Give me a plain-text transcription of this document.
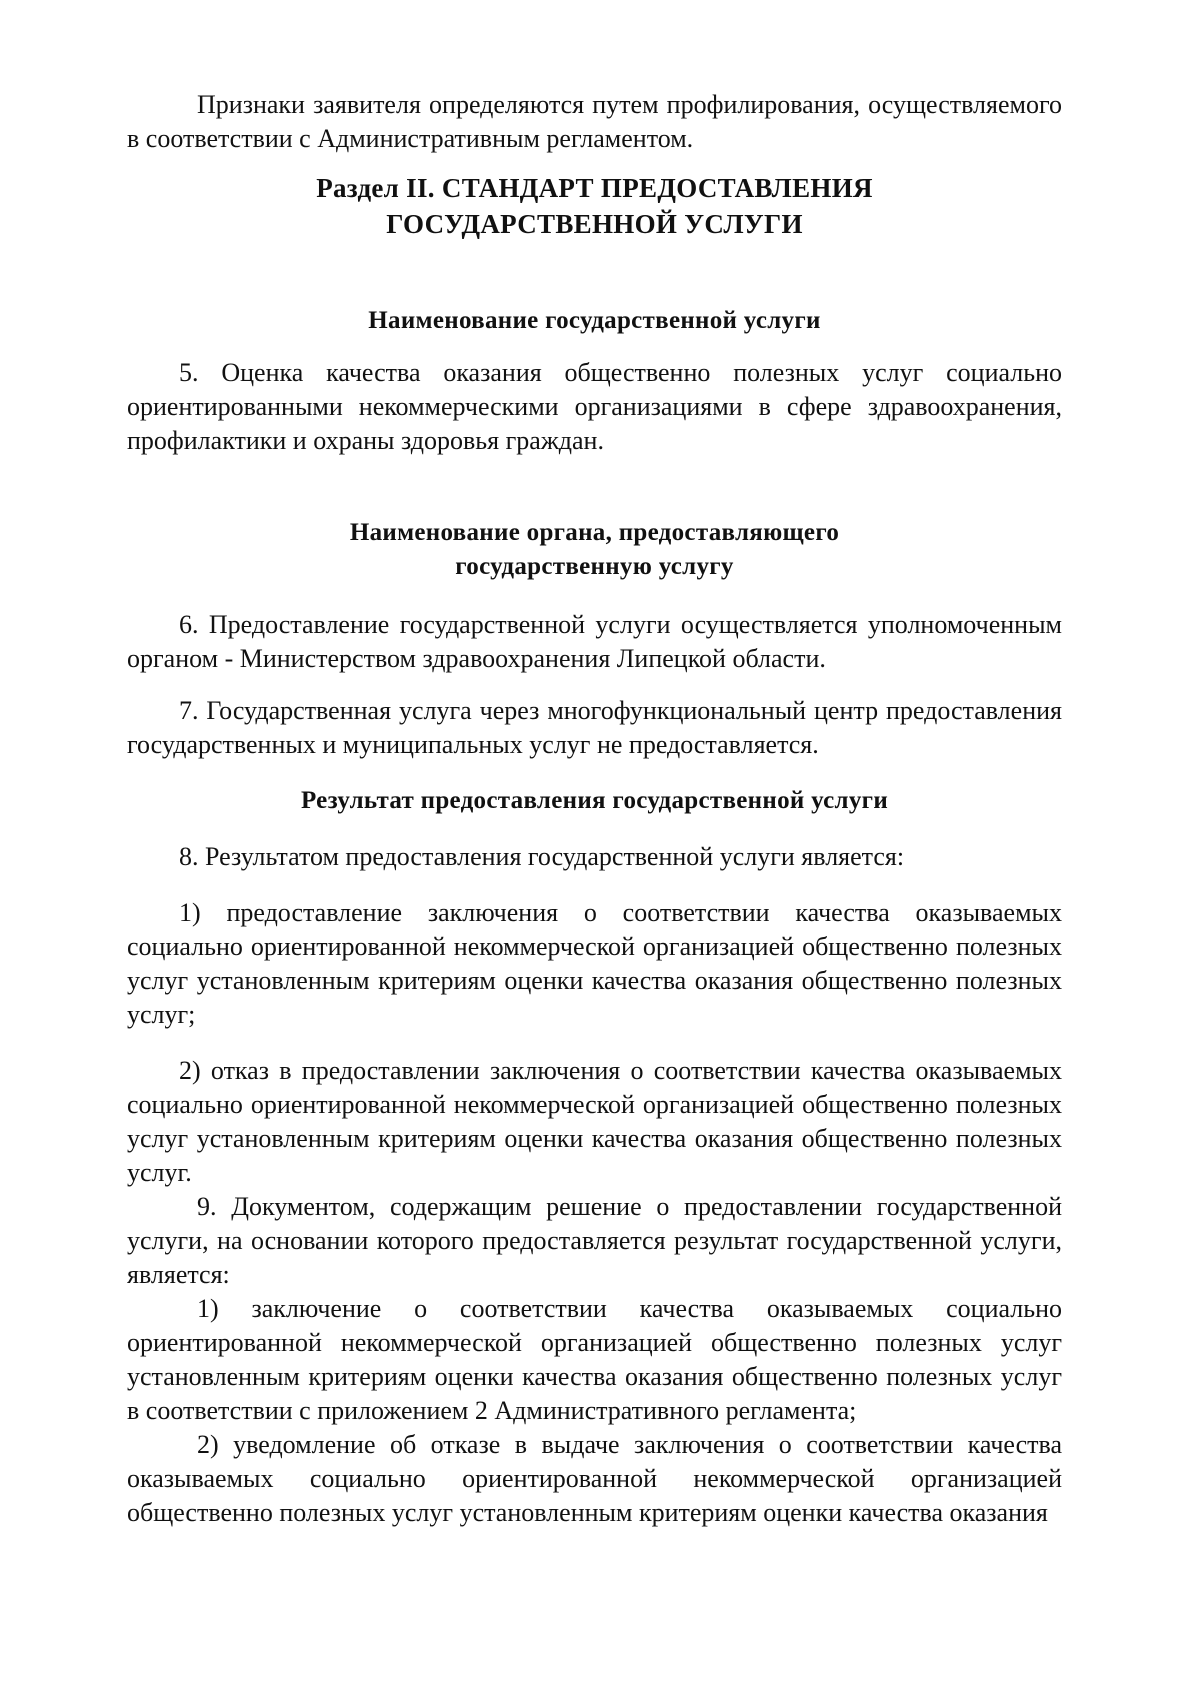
Признаки заявителя определяются путем профилирования, осуществляемого в соответствии с Административным регламентом.

Раздел II. СТАНДАРТ ПРЕДОСТАВЛЕНИЯ
ГОСУДАРСТВЕННОЙ УСЛУГИ
Наименование государственной услуги

5. Оценка качества оказания общественно полезных услуг социально ориентированными некоммерческими организациями в сфере здравоохранения, профилактики и охраны здоровья граждан.

Наименование органа, предоставляющего
государственную услугу

6. Предоставление государственной услуги осуществляется уполномоченным органом - Министерством здравоохранения Липецкой области.

7. Государственная услуга через многофункциональный центр предоставления государственных и муниципальных услуг не предоставляется.

Результат предоставления государственной услуги

8. Результатом предоставления государственной услуги является:

1) предоставление заключения о соответствии качества оказываемых социально ориентированной некоммерческой организацией общественно полезных услуг установленным критериям оценки качества оказания общественно полезных услуг;

2) отказ в предоставлении заключения о соответствии качества оказываемых социально ориентированной некоммерческой организацией общественно полезных услуг установленным критериям оценки качества оказания общественно полезных услуг.

9. Документом, содержащим решение о предоставлении государственной услуги, на основании которого предоставляется результат государственной услуги, является:

1) заключение о соответствии качества оказываемых социально ориентированной некоммерческой организацией общественно полезных услуг установленным критериям оценки качества оказания общественно полезных услуг в соответствии с приложением 2 Административного регламента;

2) уведомление об отказе в выдаче заключения о соответствии качества оказываемых социально ориентированной некоммерческой организацией общественно полезных услуг установленным критериям оценки качества оказания
